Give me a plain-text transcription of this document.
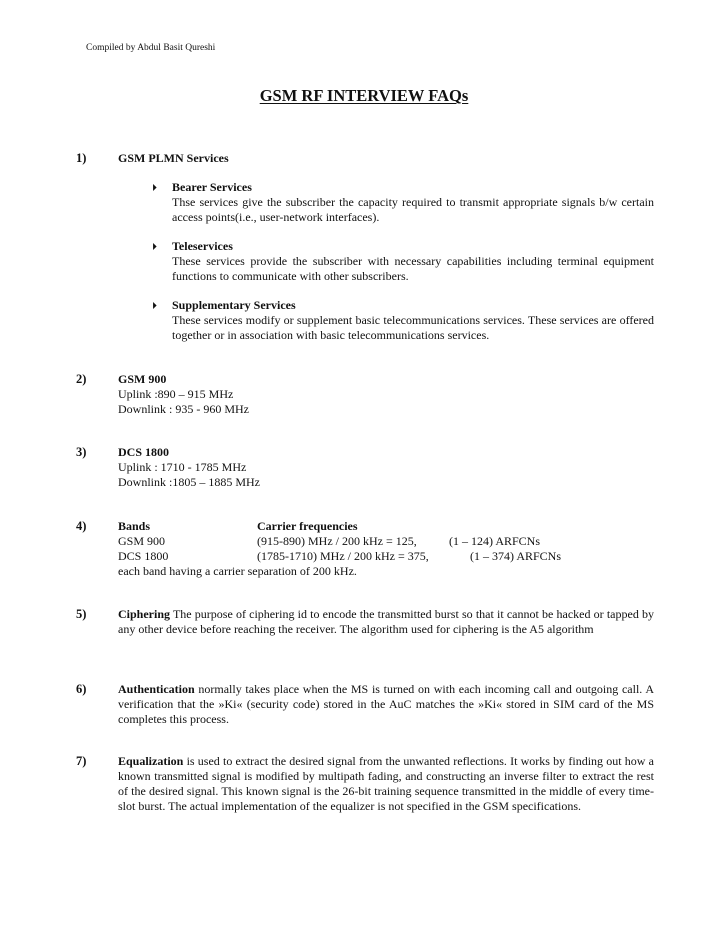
Compiled by Abdul Basit Qureshi
GSM RF INTERVIEW FAQs
1)	GSM PLMN Services
⏵ Bearer Services
Thse services give the subscriber the capacity required to transmit appropriate signals b/w certain access points(i.e., user-network interfaces).
⏵ Teleservices
These services provide the subscriber with necessary capabilities including terminal equipment functions to communicate with other subscribers.
⏵ Supplementary Services
These services modify or supplement basic telecommunications services. These services are offered together or in association with basic telecommunications services.
2)	GSM 900
Uplink :890 – 915 MHz
Downlink : 935 - 960 MHz
3)	DCS 1800
Uplink : 1710 - 1785 MHz
Downlink :1805 – 1885 MHz
4)	Bands	Carrier frequencies
GSM 900	(915-890) MHz / 200 kHz = 125,	(1 – 124) ARFCNs
DCS 1800	(1785-1710) MHz / 200 kHz = 375,	(1 – 374) ARFCNs
each band having a carrier separation of 200 kHz.
5)	Ciphering The purpose of ciphering id to encode the transmitted burst so that it cannot be hacked or tapped by any other device before reaching the receiver. The algorithm used for ciphering is the A5 algorithm
6)	Authentication normally takes place when the MS is turned on with each incoming call and outgoing call. A verification that the »Ki« (security code) stored in the AuC matches the »Ki« stored in SIM card of the MS completes this process.
7)	Equalization is used to extract the desired signal from the unwanted reflections. It works by finding out how a known transmitted signal is modified by multipath fading, and constructing an inverse filter to extract the rest of the desired signal. This known signal is the 26-bit training sequence transmitted in the middle of every time-slot burst. The actual implementation of the equalizer is not specified in the GSM specifications.
